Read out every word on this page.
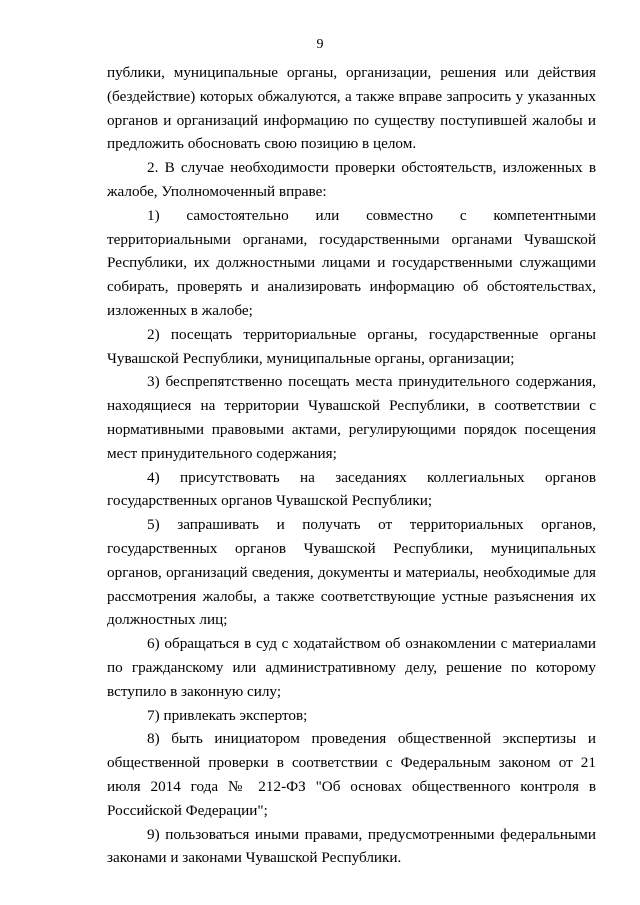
9

публики, муниципальные органы, организации, решения или действия (бездействие) которых обжалуются, а также вправе запросить у указанных органов и организаций информацию по существу поступившей жалобы и предложить обосновать свою позицию в целом.

2. В случае необходимости проверки обстоятельств, изложенных в жалобе, Уполномоченный вправе:

1) самостоятельно или совместно с компетентными территориальными органами, государственными органами Чувашской Республики, их должностными лицами и государственными служащими собирать, проверять и анализировать информацию об обстоятельствах, изложенных в жалобе;

2) посещать территориальные органы, государственные органы Чувашской Республики, муниципальные органы, организации;

3) беспрепятственно посещать места принудительного содержания, находящиеся на территории Чувашской Республики, в соответствии с нормативными правовыми актами, регулирующими порядок посещения мест принудительного содержания;

4) присутствовать на заседаниях коллегиальных органов государственных органов Чувашской Республики;

5) запрашивать и получать от территориальных органов, государственных органов Чувашской Республики, муниципальных органов, организаций сведения, документы и материалы, необходимые для рассмотрения жалобы, а также соответствующие устные разъяснения их должностных лиц;

6) обращаться в суд с ходатайством об ознакомлении с материалами по гражданскому или административному делу, решение по которому вступило в законную силу;

7) привлекать экспертов;

8) быть инициатором проведения общественной экспертизы и общественной проверки в соответствии с Федеральным законом от 21 июля 2014 года № 212-ФЗ "Об основах общественного контроля в Российской Федерации";

9) пользоваться иными правами, предусмотренными федеральными законами и законами Чувашской Республики.
